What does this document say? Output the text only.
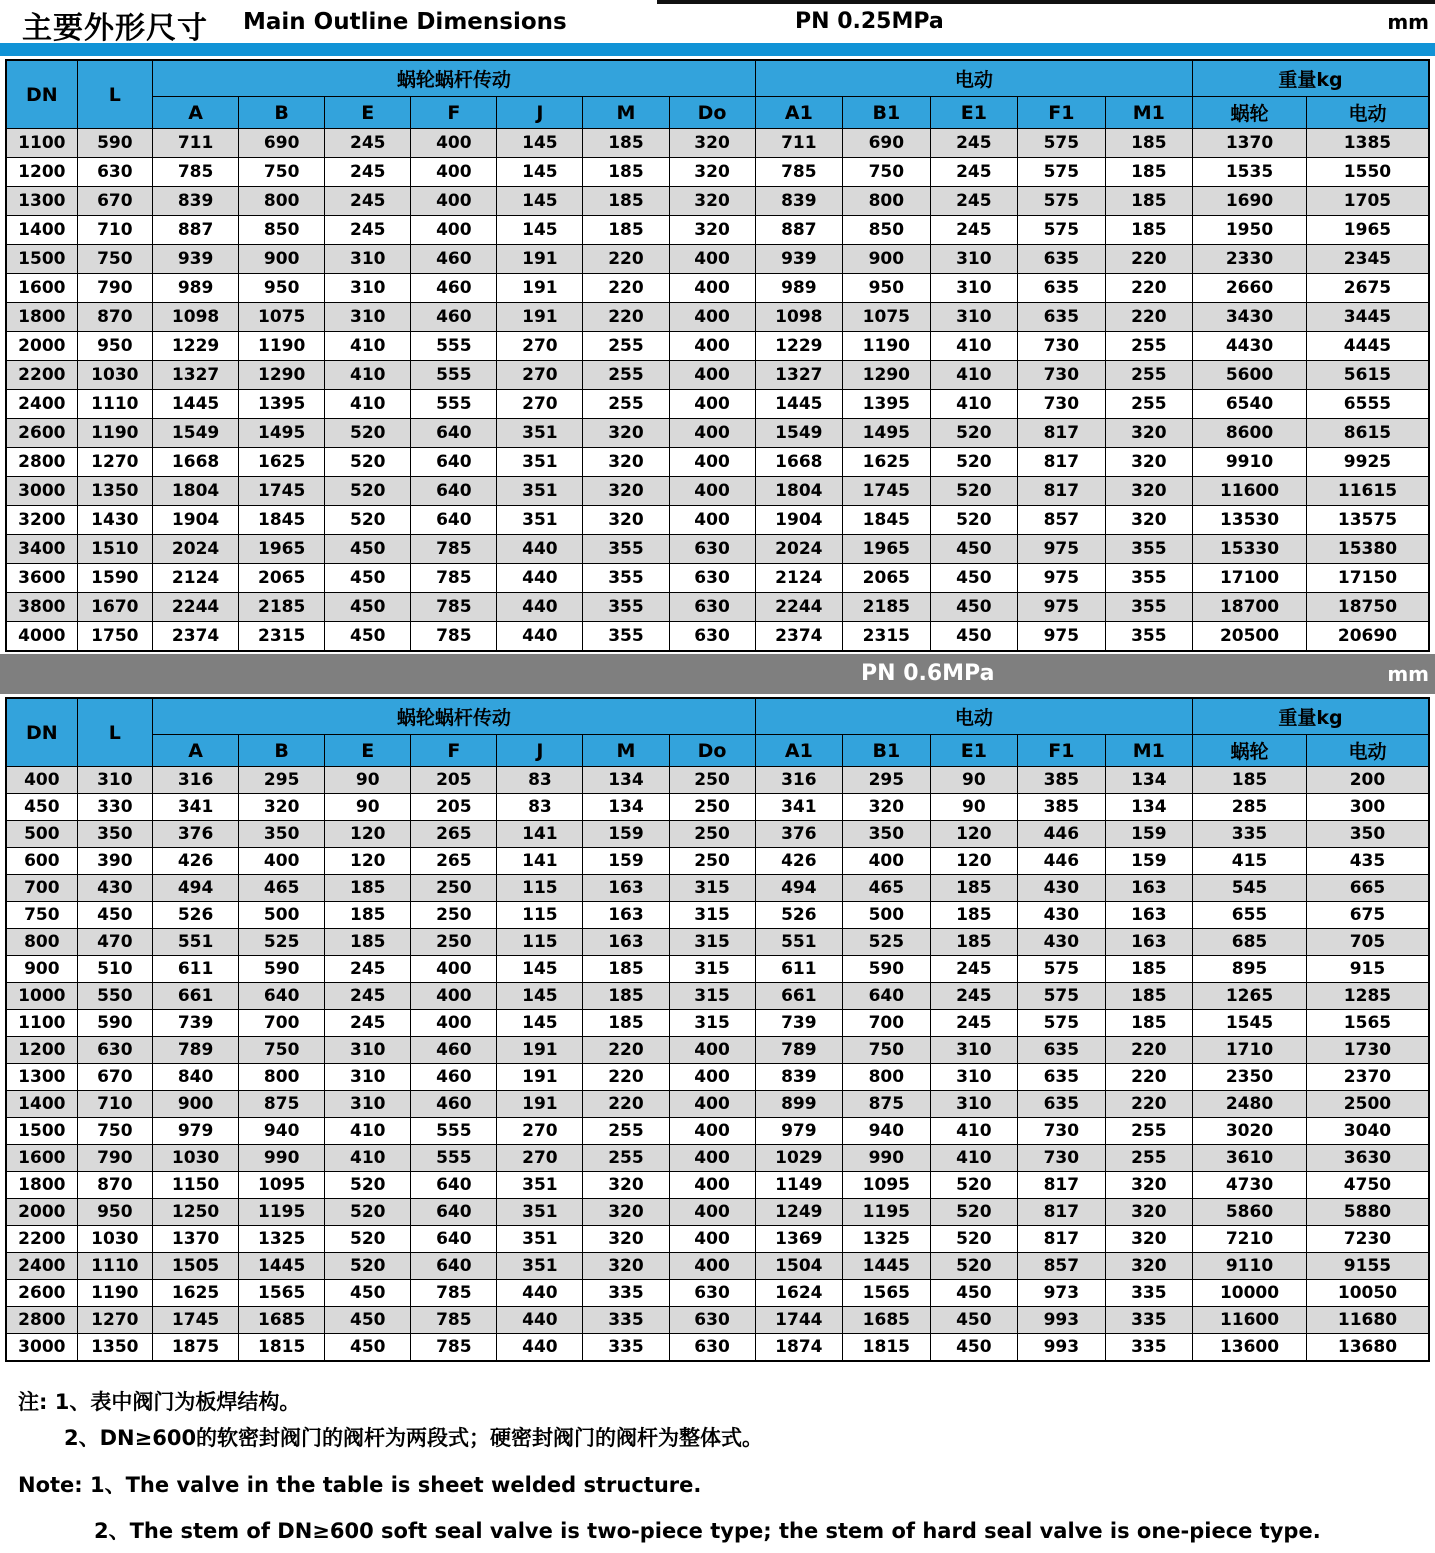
主要外形尺寸 Main Outline Dimensions	PN 0.25MPa	mm
DN	L	蜗轮蜗杆传动							电动					重量kg	
		A	B	E	F	J	M	Do	A1	B1	E1	F1	M1	蜗轮	电动
1100	590	711	690	245	400	145	185	320	711	690	245	575	185	1370	1385
1200	630	785	750	245	400	145	185	320	785	750	245	575	185	1535	1550
1300	670	839	800	245	400	145	185	320	839	800	245	575	185	1690	1705
1400	710	887	850	245	400	145	185	320	887	850	245	575	185	1950	1965
1500	750	939	900	310	460	191	220	400	939	900	310	635	220	2330	2345
1600	790	989	950	310	460	191	220	400	989	950	310	635	220	2660	2675
1800	870	1098	1075	310	460	191	220	400	1098	1075	310	635	220	3430	3445
2000	950	1229	1190	410	555	270	255	400	1229	1190	410	730	255	4430	4445
2200	1030	1327	1290	410	555	270	255	400	1327	1290	410	730	255	5600	5615
2400	1110	1445	1395	410	555	270	255	400	1445	1395	410	730	255	6540	6555
2600	1190	1549	1495	520	640	351	320	400	1549	1495	520	817	320	8600	8615
2800	1270	1668	1625	520	640	351	320	400	1668	1625	520	817	320	9910	9925
3000	1350	1804	1745	520	640	351	320	400	1804	1745	520	817	320	11600	11615
3200	1430	1904	1845	520	640	351	320	400	1904	1845	520	857	320	13530	13575
3400	1510	2024	1965	450	785	440	355	630	2024	1965	450	975	355	15330	15380
3600	1590	2124	2065	450	785	440	355	630	2124	2065	450	975	355	17100	17150
3800	1670	2244	2185	450	785	440	355	630	2244	2185	450	975	355	18700	18750
4000	1750	2374	2315	450	785	440	355	630	2374	2315	450	975	355	20500	20690
PN 0.6MPa	mm
DN	L	蜗轮蜗杆传动							电动					重量kg	
		A	B	E	F	J	M	Do	A1	B1	E1	F1	M1	蜗轮	电动
400	310	316	295	90	205	83	134	250	316	295	90	385	134	185	200
450	330	341	320	90	205	83	134	250	341	320	90	385	134	285	300
500	350	376	350	120	265	141	159	250	376	350	120	446	159	335	350
600	390	426	400	120	265	141	159	250	426	400	120	446	159	415	435
700	430	494	465	185	250	115	163	315	494	465	185	430	163	545	665
750	450	526	500	185	250	115	163	315	526	500	185	430	163	655	675
800	470	551	525	185	250	115	163	315	551	525	185	430	163	685	705
900	510	611	590	245	400	145	185	315	611	590	245	575	185	895	915
1000	550	661	640	245	400	145	185	315	661	640	245	575	185	1265	1285
1100	590	739	700	245	400	145	185	315	739	700	245	575	185	1545	1565
1200	630	789	750	310	460	191	220	400	789	750	310	635	220	1710	1730
1300	670	840	800	310	460	191	220	400	839	800	310	635	220	2350	2370
1400	710	900	875	310	460	191	220	400	899	875	310	635	220	2480	2500
1500	750	979	940	410	555	270	255	400	979	940	410	730	255	3020	3040
1600	790	1030	990	410	555	270	255	400	1029	990	410	730	255	3610	3630
1800	870	1150	1095	520	640	351	320	400	1149	1095	520	817	320	4730	4750
2000	950	1250	1195	520	640	351	320	400	1249	1195	520	817	320	5860	5880
2200	1030	1370	1325	520	640	351	320	400	1369	1325	520	817	320	7210	7230
2400	1110	1505	1445	520	640	351	320	400	1504	1445	520	857	320	9110	9155
2600	1190	1625	1565	450	785	440	335	630	1624	1565	450	973	335	10000	10050
2800	1270	1745	1685	450	785	440	335	630	1744	1685	450	993	335	11600	11680
3000	1350	1875	1815	450	785	440	335	630	1874	1815	450	993	335	13600	13680
注: 1、表中阀门为板焊结构。
2、DN≥600的软密封阀门的阀杆为两段式；硬密封阀门的阀杆为整体式。
Note: 1、The valve in the table is sheet welded structure.
2、The stem of DN≥600 soft seal valve is two-piece type; the stem of hard seal valve is one-piece type.
